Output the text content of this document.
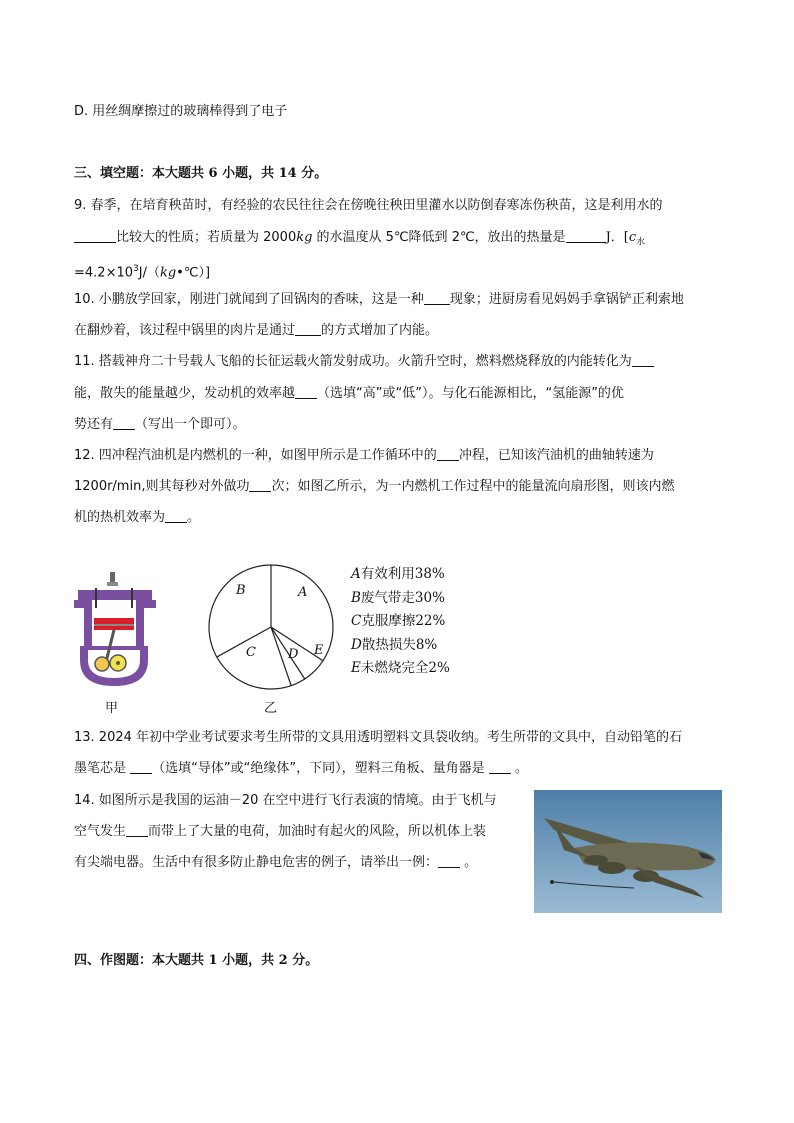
D. 用丝绸摩擦过的玻璃棒得到了电子
三、填空题：本大题共 6 小题，共 14 分。
9. 春季，在培育秧苗时，有经验的农民往往会在傍晚往秧田里灌水以防倒春寒冻伤秧苗，这是利用水的
比较大的性质；若质量为 2000kg 的水温度从 5℃降低到 2℃，放出的热量是	J．[$c_水$
$=4.2\times 10^3J/(kg•℃)$]
10. 小鹏放学回家，刚进门就闻到了回锅肉的香味，这是一种 现象；进厨房看见妈妈手拿锅铲正利索地
在翻炒着，该过程中锅里的肉片是通过 的方式增加了内能。
11. 搭载神舟二十号载人飞船的长征运载火箭发射成功。火箭升空时，燃料燃烧释放的内能转化为
能，散失的能量越少，发动机的效率越 （选填“高”或“低”）。与化石能源相比，“氢能源”的优
势还有 （写出一个即可）。
12. 四冲程汽油机是内燃机的一种，如图甲所示是工作循环中的 冲程，已知该汽油机的曲轴转速为
1200r/min,则其每秒对外做功 次；如图乙所示，为一内燃机工作过程中的能量流向扇形图，则该内燃
机的热机效率为 。
甲
B	A
C D E
乙
A有效利用38%
B废气带走30%
C克服摩擦22%
D散热损失8%
E未燃烧完全2%
13. 2024 年初中学业考试要求考生所带的文具用透明塑料文具袋收纳。考生所带的文具中，自动铅笔的石
墨笔芯是 （选填“导体”或“绝缘体”，下同），塑料三角板、量角器是 。
14. 如图所示是我国的运油－20 在空中进行飞行表演的情境。由于飞机与
空气发生 而带上了大量的电荷，加油时有起火的风险，所以机体上装
有尖端电器。生活中有很多防止静电危害的例子，请举出一例： 。
四、作图题：本大题共 1 小题，共 2 分。
